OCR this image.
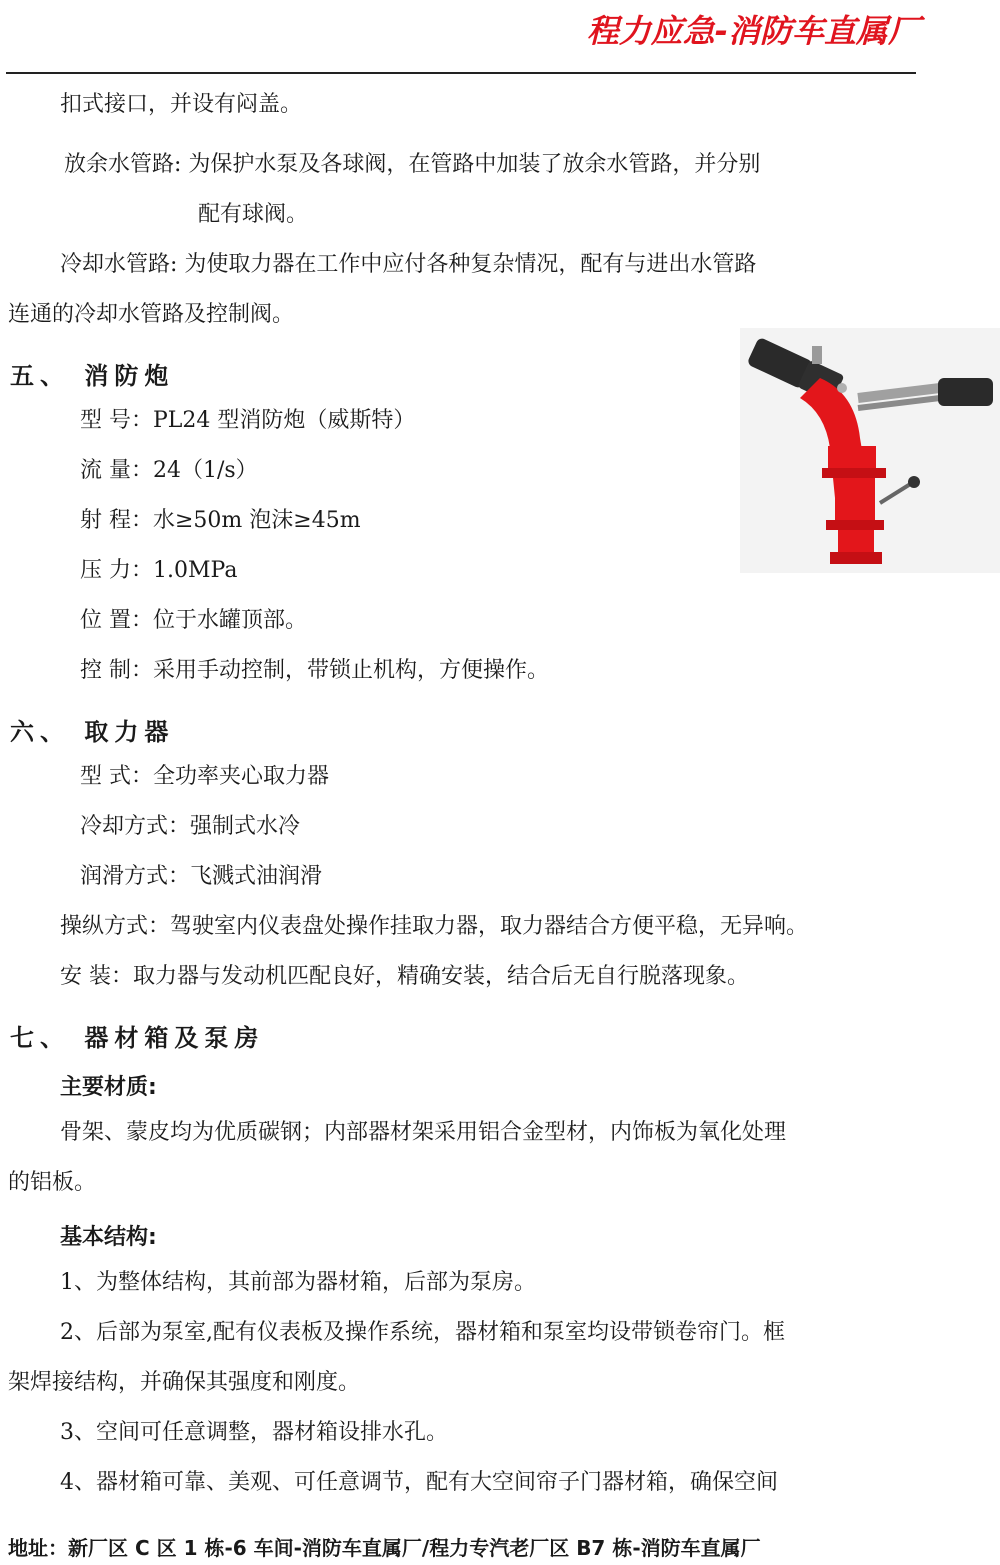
程力应急-消防车直属厂
扣式接口，并设有闷盖。
放余水管路: 为保护水泵及各球阀，在管路中加装了放余水管路，并分别
配有球阀。
冷却水管路: 为使取力器在工作中应付各种复杂情况，配有与进出水管路
连通的冷却水管路及控制阀。
五、 消防炮
型 号：PL24 型消防炮（威斯特）
流 量：24（1/s）
射 程：水≥50m 泡沫≥45m
压 力：1.0MPa
位 置：位于水罐顶部。
控 制：采用手动控制，带锁止机构，方便操作。
六、 取力器
型 式：全功率夹心取力器
冷却方式：强制式水冷
润滑方式：飞溅式油润滑
操纵方式：驾驶室内仪表盘处操作挂取力器，取力器结合方便平稳，无异响。
安 装：取力器与发动机匹配良好，精确安装，结合后无自行脱落现象。
七、 器材箱及泵房
主要材质:
骨架、蒙皮均为优质碳钢；内部器材架采用铝合金型材，内饰板为氧化处理
的铝板。
基本结构:
1、为整体结构，其前部为器材箱，后部为泵房。
2、后部为泵室,配有仪表板及操作系统，器材箱和泵室均设带锁卷帘门。框
架焊接结构，并确保其强度和刚度。
3、空间可任意调整，器材箱设排水孔。
4、器材箱可靠、美观、可任意调节，配有大空间帘子门器材箱，确保空间
地址：新厂区 C 区 1 栋-6 车间-消防车直属厂/程力专汽老厂区 B7 栋-消防车直属厂
